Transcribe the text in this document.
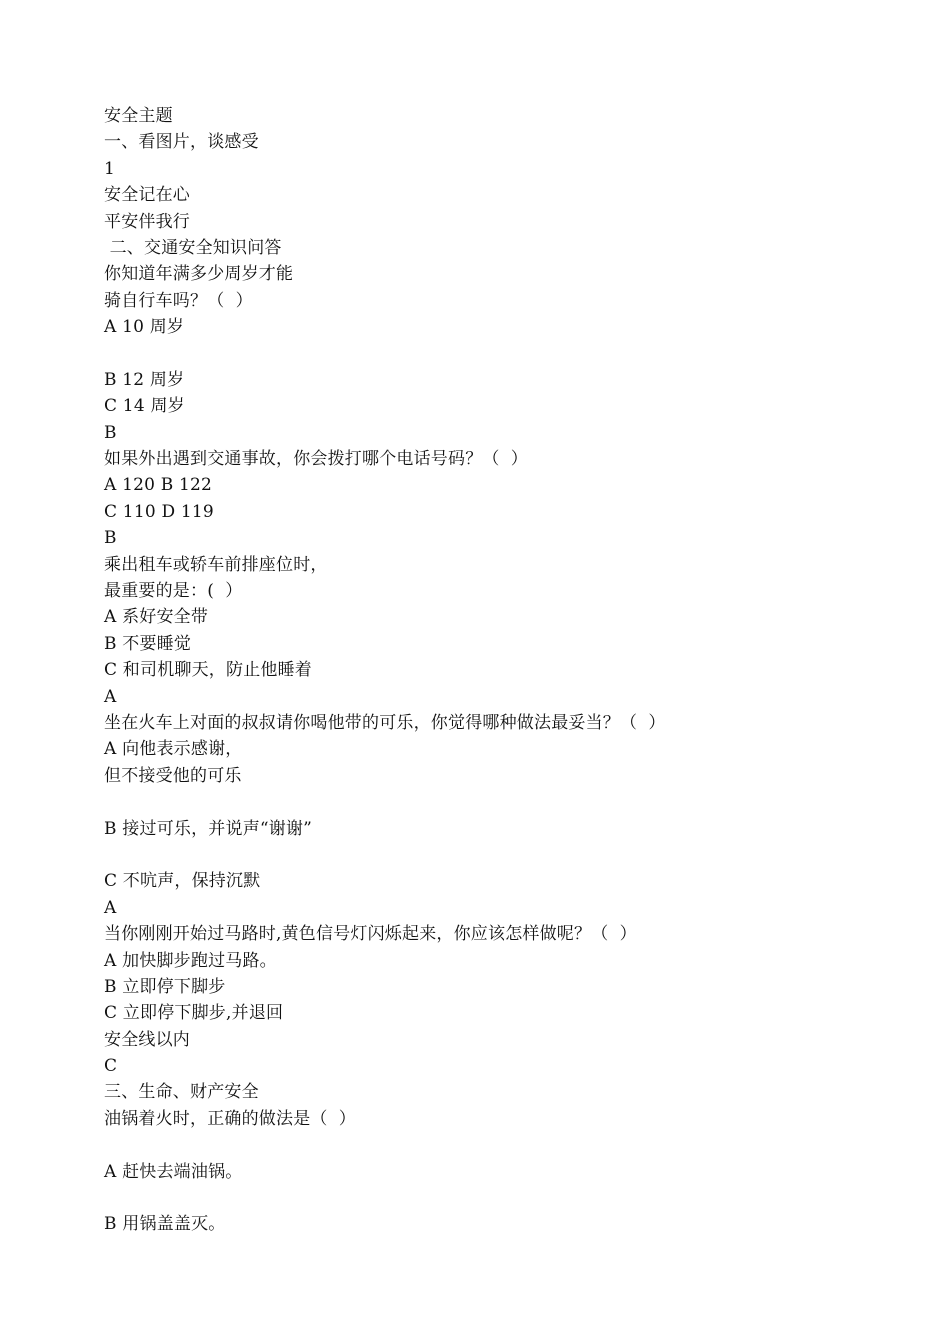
安全主题
一、看图片，谈感受
1
安全记在心
平安伴我行
二、交通安全知识问答
你知道年满多少周岁才能
骑自行车吗？（  ）
A 10 周岁
B 12 周岁
C 14 周岁
B
如果外出遇到交通事故，你会拨打哪个电话号码？（  ）
A 120 B 122
C 110 D 119
B
乘出租车或轿车前排座位时，
最重要的是：(  ）
A 系好安全带
B 不要睡觉
C 和司机聊天，防止他睡着
A
坐在火车上对面的叔叔请你喝他带的可乐，你觉得哪种做法最妥当？（  ）
A 向他表示感谢，
但不接受他的可乐
B 接过可乐，并说声“谢谢”
C 不吭声，保持沉默
A
当你刚刚开始过马路时,黄色信号灯闪烁起来，你应该怎样做呢？（  ）
A 加快脚步跑过马路。
B 立即停下脚步
C 立即停下脚步,并退回
安全线以内
C
三、生命、财产安全
油锅着火时，正确的做法是（  ）
A 赶快去端油锅。
B 用锅盖盖灭。
